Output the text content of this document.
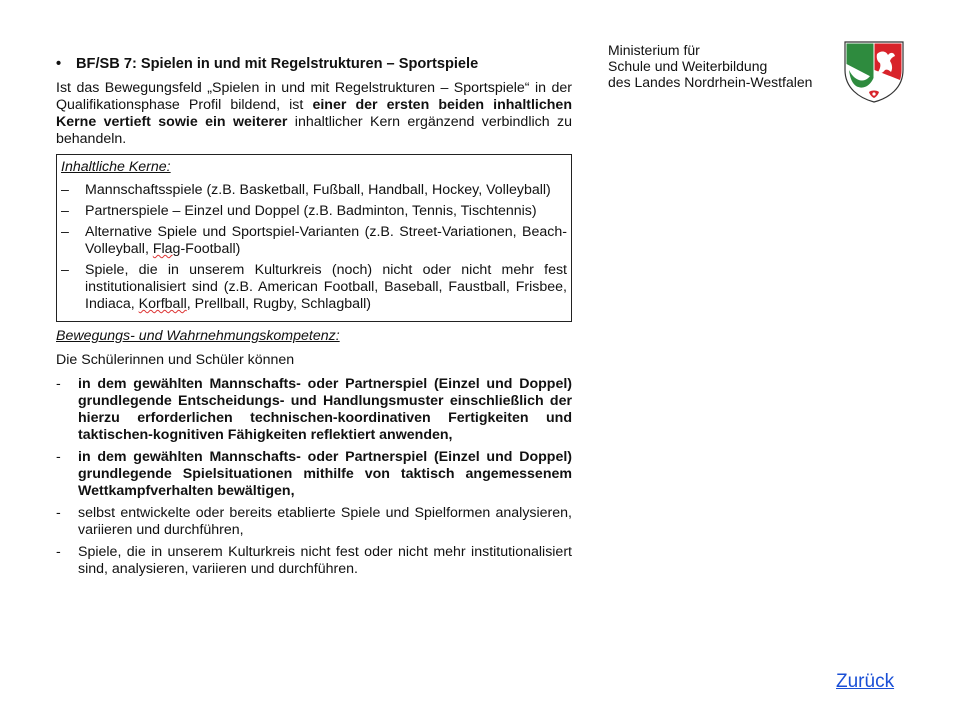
•	BF/SB 7: Spielen in und mit Regelstrukturen – Sportspiele
Ist das Bewegungsfeld „Spielen in und mit Regelstrukturen – Sportspiele“ in der Qualifikationsphase Profil bildend, ist einer der ersten beiden inhaltlichen Kerne vertieft sowie ein weiterer inhaltlicher Kern ergänzend verbindlich zu behandeln.
Inhaltliche Kerne:
–	Mannschaftsspiele (z.B. Basketball, Fußball, Handball, Hockey, Volleyball)
–	Partnerspiele – Einzel und Doppel (z.B. Badminton, Tennis, Tischtennis)
–	Alternative Spiele und Sportspiel-Varianten (z.B. Street-Variationen, Beach-Volleyball, Flag-Football)
–	Spiele, die in unserem Kulturkreis (noch) nicht oder nicht mehr fest institutionalisiert sind (z.B. American Football, Baseball, Faustball, Frisbee, Indiaca, Korfball, Prellball, Rugby, Schlagball)
Bewegungs- und Wahrnehmungskompetenz:
Die Schülerinnen und Schüler können
-	in dem gewählten Mannschafts- oder Partnerspiel (Einzel und Doppel) grundlegende Entscheidungs- und Handlungsmuster einschließlich der hierzu erforderlichen technischen-koordinativen Fertigkeiten und taktischen-kognitiven Fähigkeiten reflektiert anwenden,
-	in dem gewählten Mannschafts- oder Partnerspiel (Einzel und Doppel) grundlegende Spielsituationen mithilfe von taktisch angemessenem Wettkampfverhalten bewältigen,
-	selbst entwickelte oder bereits etablierte Spiele und Spielformen analysieren, variieren und durchführen,
-	Spiele, die in unserem Kulturkreis nicht fest oder nicht mehr institutionalisiert sind, analysieren, variieren und durchführen.
Ministerium für
Schule und Weiterbildung
des Landes Nordrhein-Westfalen
Zurück
